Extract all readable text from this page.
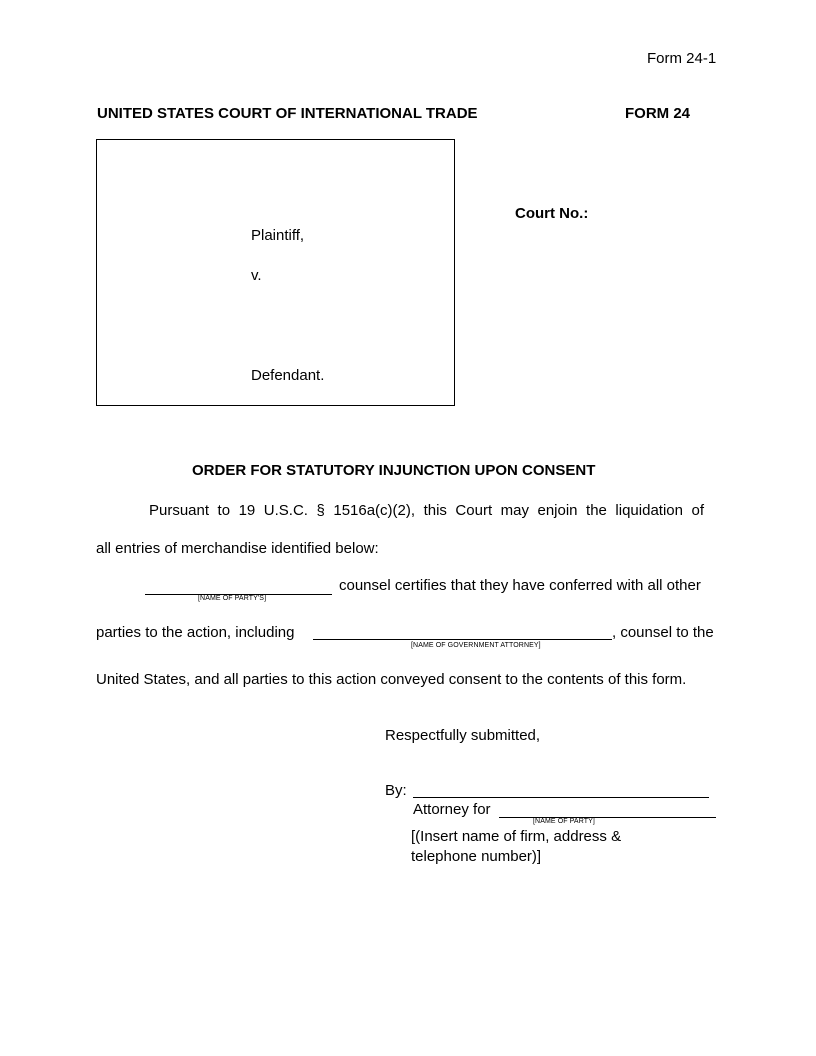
Form 24-1
UNITED STATES COURT OF INTERNATIONAL TRADE	FORM 24
Plaintiff,
v.
Defendant.
Court No.:
ORDER FOR STATUTORY INJUNCTION UPON CONSENT
Pursuant to 19 U.S.C. § 1516a(c)(2), this Court may enjoin the liquidation of
all entries of merchandise identified below:
[NAME OF PARTY'S]
counsel certifies that they have conferred with all other
parties to the action, including
[NAME OF GOVERNMENT ATTORNEY]
, counsel to the
United States, and all parties to this action conveyed consent to the contents of this form.
Respectfully submitted,
By:
Attorney for
[NAME OF PARTY]
[(Insert name of firm, address &
telephone number)]
